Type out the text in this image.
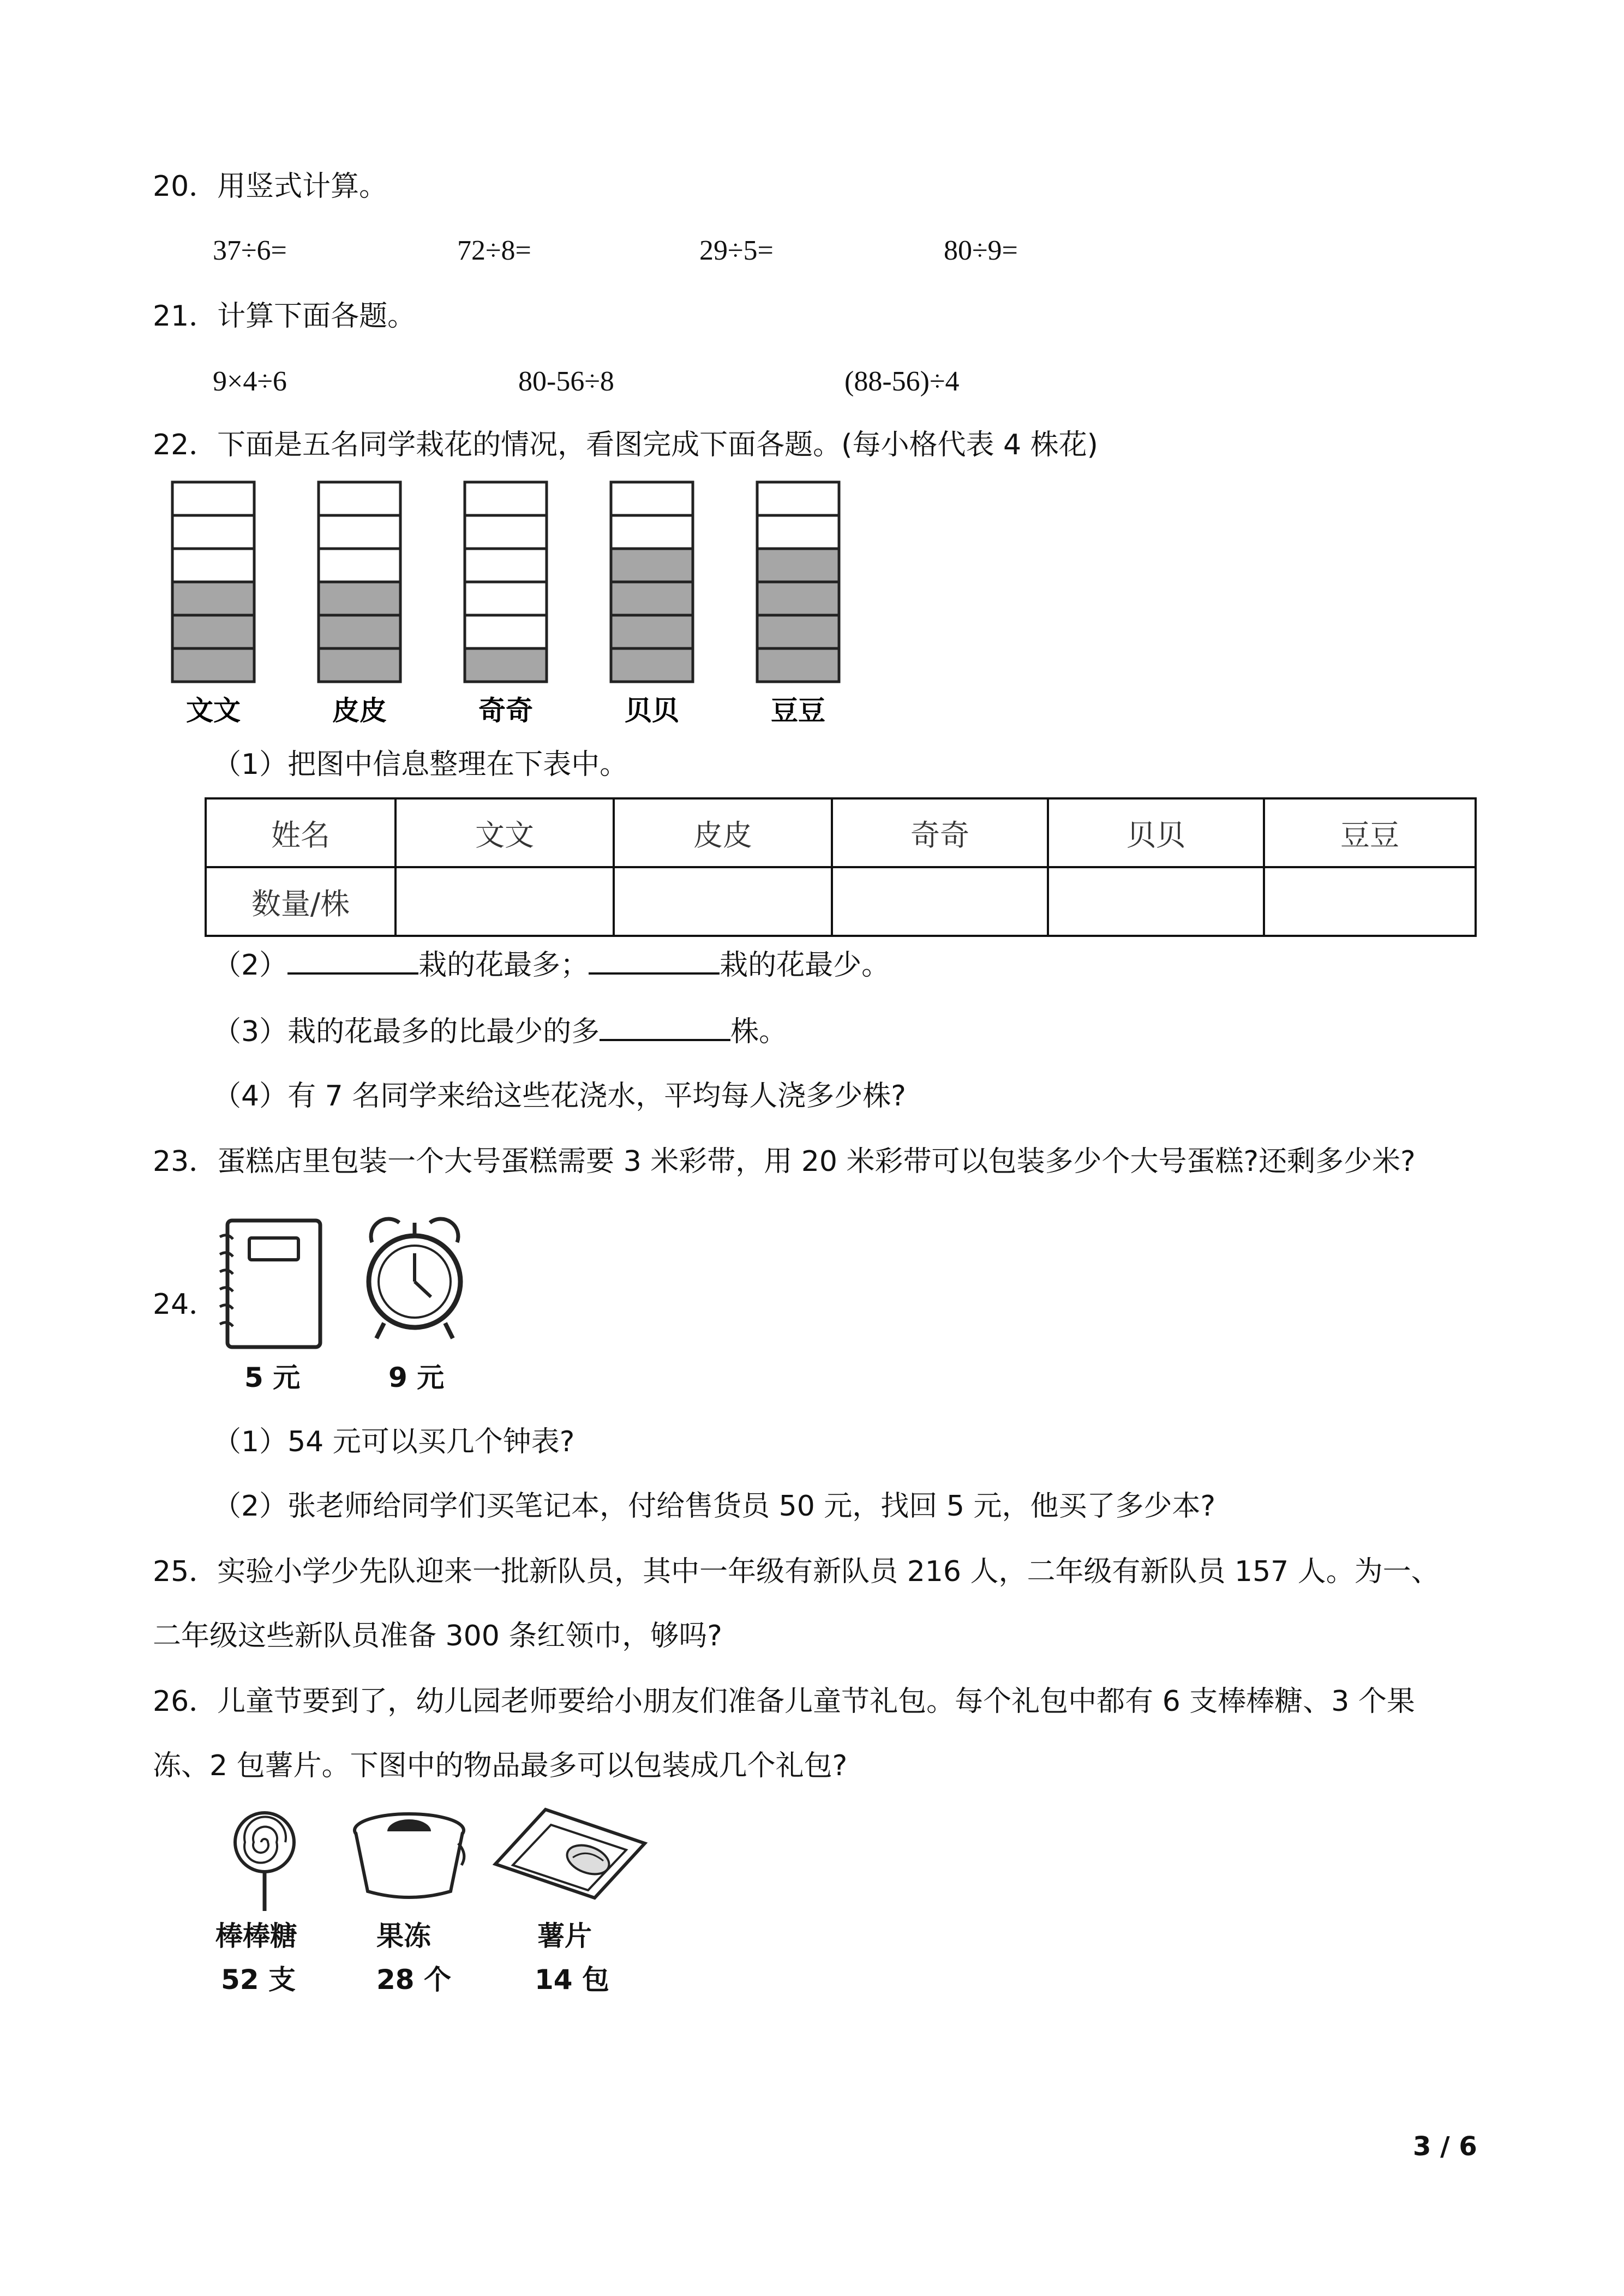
20．用竖式计算。
37÷6=	72÷8=	29÷5=	80÷9=
21．计算下面各题。
9×4÷6	80-56÷8	(88-56)÷4
22．下面是五名同学栽花的情况，看图完成下面各题。(每小格代表 4 株花)
文文	皮皮	奇奇	贝贝	豆豆
（1）把图中信息整理在下表中。
姓名	文文	皮皮	奇奇	贝贝	豆豆
数量/株					
（2）	栽的花最多；	栽的花最少。
（3）栽的花最多的比最少的多	株。
（4）有 7 名同学来给这些花浇水，平均每人浇多少株?
23．蛋糕店里包装一个大号蛋糕需要 3 米彩带，用 20 米彩带可以包装多少个大号蛋糕?还剩多少米?
24．
5 元	9 元
（1）54 元可以买几个钟表?
（2）张老师给同学们买笔记本，付给售货员 50 元，找回 5 元，他买了多少本?
25．实验小学少先队迎来一批新队员，其中一年级有新队员 216 人，二年级有新队员 157 人。为一、
二年级这些新队员准备 300 条红领巾，够吗?
26．儿童节要到了，幼儿园老师要给小朋友们准备儿童节礼包。每个礼包中都有 6 支棒棒糖、3 个果
冻、2 包薯片。下图中的物品最多可以包装成几个礼包?
棒棒糖	果冻	薯片
52 支	28 个	14 包
3 / 6
